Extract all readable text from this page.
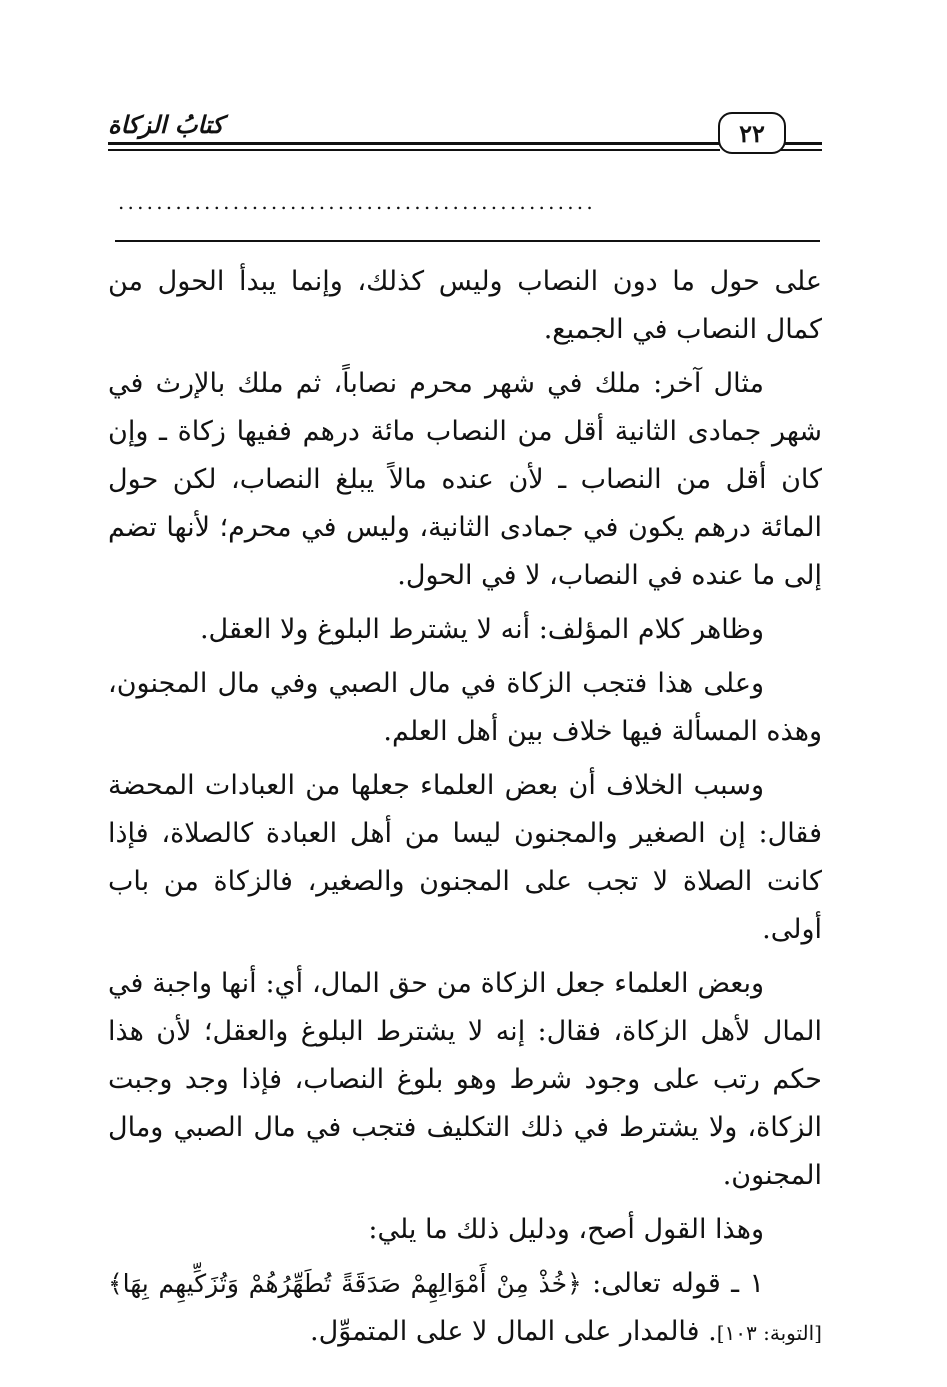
كتابُ الزكاة	٢٢
..................................................

على حول ما دون النصاب وليس كذلك، وإنما يبدأ الحول من كمال النصاب في الجميع.

مثال آخر: ملك في شهر محرم نصاباً، ثم ملك بالإرث في شهر جمادى الثانية أقل من النصاب مائة درهم ففيها زكاة ـ وإن كان أقل من النصاب ـ لأن عنده مالاً يبلغ النصاب، لكن حول المائة درهم يكون في جمادى الثانية، وليس في محرم؛ لأنها تضم إلى ما عنده في النصاب، لا في الحول.

وظاهر كلام المؤلف: أنه لا يشترط البلوغ ولا العقل.

وعلى هذا فتجب الزكاة في مال الصبي وفي مال المجنون، وهذه المسألة فيها خلاف بين أهل العلم.

وسبب الخلاف أن بعض العلماء جعلها من العبادات المحضة فقال: إن الصغير والمجنون ليسا من أهل العبادة كالصلاة، فإذا كانت الصلاة لا تجب على المجنون والصغير، فالزكاة من باب أولى.

وبعض العلماء جعل الزكاة من حق المال، أي: أنها واجبة في المال لأهل الزكاة، فقال: إنه لا يشترط البلوغ والعقل؛ لأن هذا حكم رتب على وجود شرط وهو بلوغ النصاب، فإذا وجد وجبت الزكاة، ولا يشترط في ذلك التكليف فتجب في مال الصبي ومال المجنون.

وهذا القول أصح، ودليل ذلك ما يلي:

١ ـ قوله تعالى: ﴿خُذْ مِنْ أَمْوَالِهِمْ صَدَقَةً تُطَهِّرُهُمْ وَتُزَكِّيهِم بِهَا﴾ [التوبة: ١٠٣]. فالمدار على المال لا على المتموِّل.
